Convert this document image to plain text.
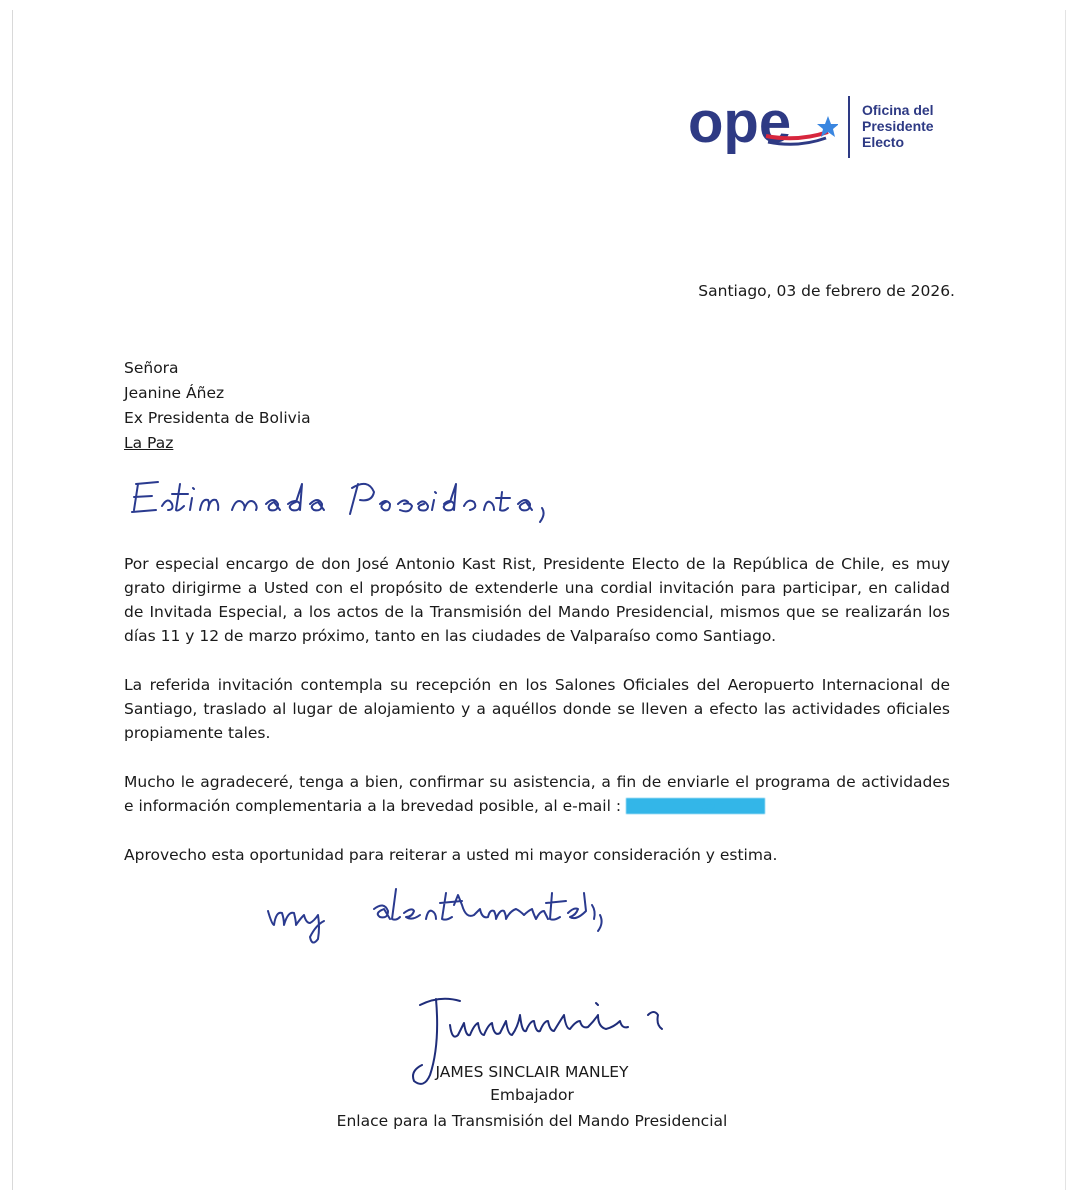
ope	Oficina del
Presidente
Electo
Santiago, 03 de febrero de 2026.
Señora
Jeanine Áñez
Ex Presidenta de Bolivia
La Paz
Por especial encargo de don José Antonio Kast Rist, Presidente Electo de la República de Chile, es muy grato dirigirme a Usted con el propósito de extenderle una cordial invitación para participar, en calidad de Invitada Especial, a los actos de la Transmisión del Mando Presidencial, mismos que se realizarán los días 11 y 12 de marzo próximo, tanto en las ciudades de Valparaíso como Santiago.
La referida invitación contempla su recepción en los Salones Oficiales del Aeropuerto Internacional de Santiago, traslado al lugar de alojamiento y a aquéllos donde se lleven a efecto las actividades oficiales propiamente tales.
Mucho le agradeceré, tenga a bien, confirmar su asistencia, a fin de enviarle el programa de actividades e información complementaria a la brevedad posible, al e-mail : protocolo@ope.cl
Aprovecho esta oportunidad para reiterar a usted mi mayor consideración y estima.
JAMES SINCLAIR MANLEY
Embajador
Enlace para la Transmisión del Mando Presidencial
